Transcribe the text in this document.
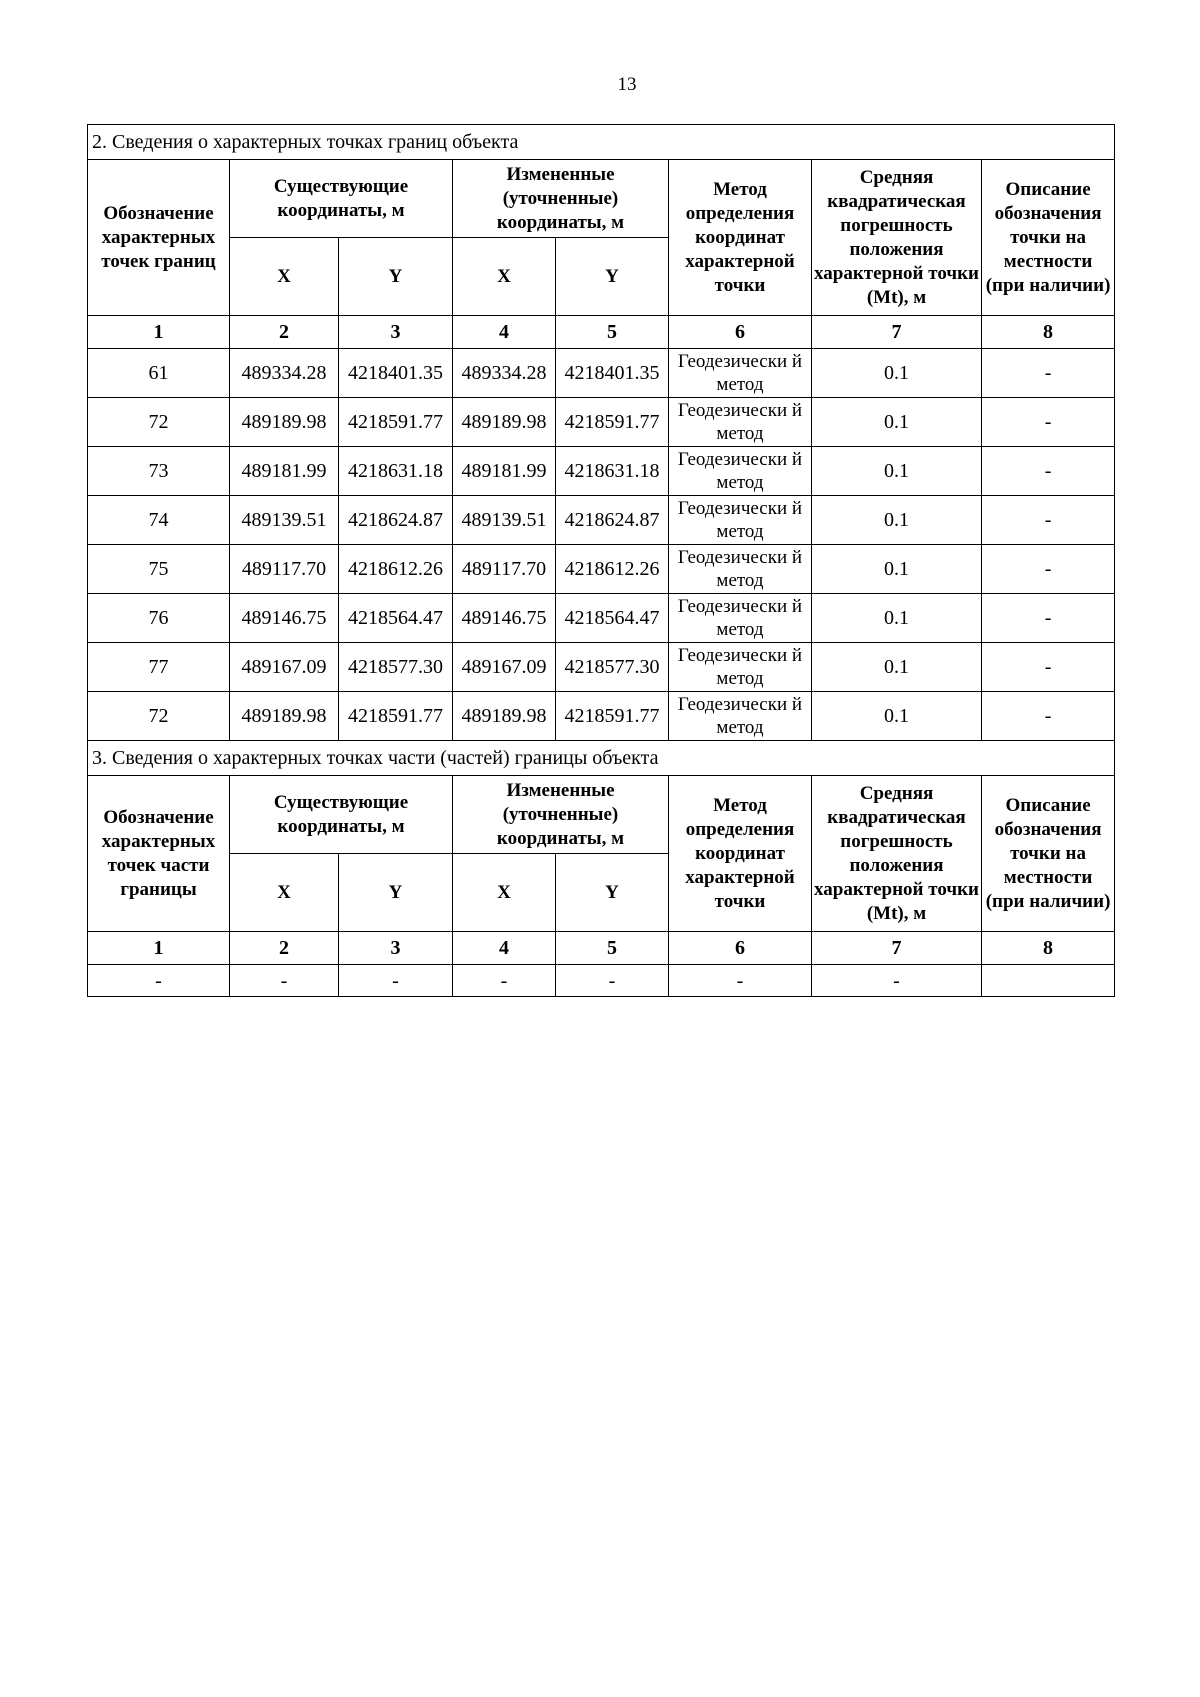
13
2. Сведения о характерных точках границ объекта							
Обозначение характерных точек границ	Существующие координаты, м		Измененные (уточненные) координаты, м		Метод определения координат характерной точки	Средняя квадратическая погрешность положения характерной точки (Mt), м	Описание обозначения точки на местности (при наличии)
	X	Y	X	Y			
1	2	3	4	5	6	7	8
61	489334.28	4218401.35	489334.28	4218401.35	Геодезически й метод	0.1	-
72	489189.98	4218591.77	489189.98	4218591.77	Геодезически й метод	0.1	-
73	489181.99	4218631.18	489181.99	4218631.18	Геодезически й метод	0.1	-
74	489139.51	4218624.87	489139.51	4218624.87	Геодезически й метод	0.1	-
75	489117.70	4218612.26	489117.70	4218612.26	Геодезически й метод	0.1	-
76	489146.75	4218564.47	489146.75	4218564.47	Геодезически й метод	0.1	-
77	489167.09	4218577.30	489167.09	4218577.30	Геодезически й метод	0.1	-
72	489189.98	4218591.77	489189.98	4218591.77	Геодезически й метод	0.1	-
3. Сведения о характерных точках части (частей) границы объекта							
Обозначение характерных точек части границы	Существующие координаты, м		Измененные (уточненные) координаты, м		Метод определения координат характерной точки	Средняя квадратическая погрешность положения характерной точки (Mt), м	Описание обозначения точки на местности (при наличии)
	X	Y	X	Y			
1	2	3	4	5	6	7	8
-	-	-	-	-	-	-	
